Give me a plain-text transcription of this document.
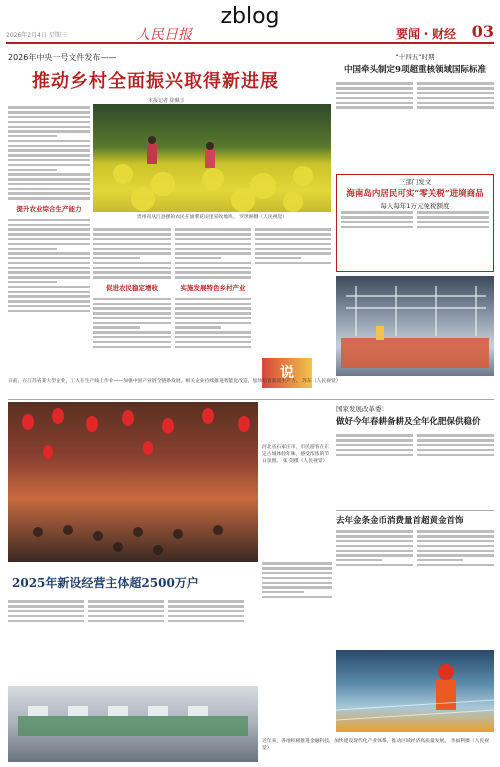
zblog
2026年2月4日 星期三	人民日报	要闻・财经 03
2026年中央一号文件发布——
推动乡村全面振兴取得新进展
本报记者 徐佩玉
提升农业综合生产能力
贵州省从江县摆的农民在油菜花田里采收地块。 罗世洲摄（人民视觉）
促进农民稳定增收	实施发展特色乡村产业
说
“十四五”时期
中国牵头制定9项超重核领域国际标准
三部门发文
海南岛内居民可实“零关税”进境商品
每人每年1万元免税额度
日前，在江苏省某大型企业，工人在生产线上作业——加强中国产业链全链条发展。相关企业持续推进智能化改造，加快培育新质生产力。 苏东（人民视觉）
河北省石家庄市，市民游客在正定古城体验年味，感受浓浓的节日氛围。 张 剑摄（人民视觉）
2025年新设经营主体超2500万户
国家发展改革委：
做好今年春耕备耕及全年化肥保供稳价
去年金条金币消费量首超黄金首饰
近年来，各地积极推进金融科技，加快建设现代化产业体系，推动区域经济高质量发展。 李福利摄（人民视觉）
